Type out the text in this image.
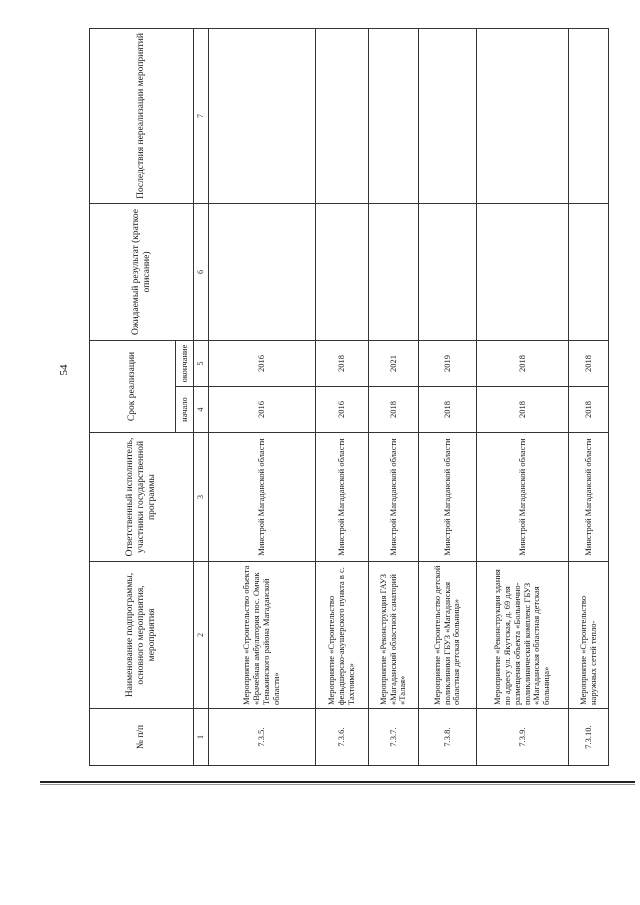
54
№ п/п	Наименование подпрограммы, основного мероприятия, мероприятия	Ответственный исполнитель, участники государственной программы	Срок реализации		Ожидаемый результат (краткое описание)	Последствия нереализации мероприятий
			начало	окончание		
1	2	3	4	5	6	7
7.3.5.	Мероприятие «Строительство объекта «Врачебная амбулатория пос. Омчак Тенькинского района Магаданской области»	Минстрой Магаданской области	2016	2016		
7.3.6.	Мероприятие «Строительство фельдшерско-акушерского пункта в с. Тахтоямск»	Минстрой Магаданской области	2016	2018		
7.3.7.	Мероприятие «Реконструкция ГАУЗ «Магаданский областной санаторий «Талая»	Минстрой Магаданской области	2018	2021		
7.3.8.	Мероприятие «Строительство детской поликлиники ГБУЗ «Магаданская областная детская больница»	Минстрой Магаданской области	2018	2019		
7.3.9.	Мероприятие «Реконструкция здания по адресу ул. Якутская, д. 69 для размещения объекта «Больнично-поликлинический комплекс ГБУЗ «Магаданская областная детская больница»	Минстрой Магаданской области	2018	2018		
7.3.10.	Мероприятие «Строительство наружных сетей тепло-	Минстрой Магаданской области	2018	2018		
